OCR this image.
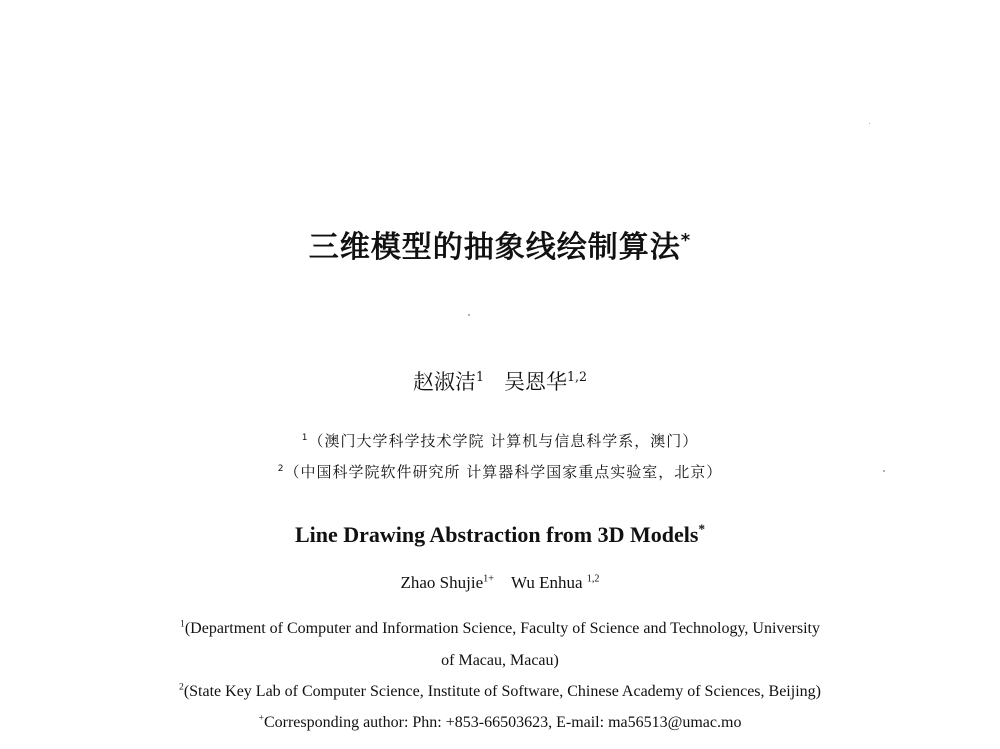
三维模型的抽象线绘制算法*
赵淑洁$^1$ 吴恩华$^{1,2}$
$^1$（澳门大学科学技术学院 计算机与信息科学系，澳门）
$^2$（中国科学院软件研究所 计算器科学国家重点实验室，北京）
Line Drawing Abstraction from 3D Models*
Zhao Shujie$^{1+}$ Wu Enhua $^{1,2}$
$^1$(Department of Computer and Information Science, Faculty of Science and Technology, University
of Macau, Macau)
$^2$(State Key Lab of Computer Science, Institute of Software, Chinese Academy of Sciences, Beijing)
+Corresponding author: Phn: +853-66503623, E-mail: ma56513@umac.mo
